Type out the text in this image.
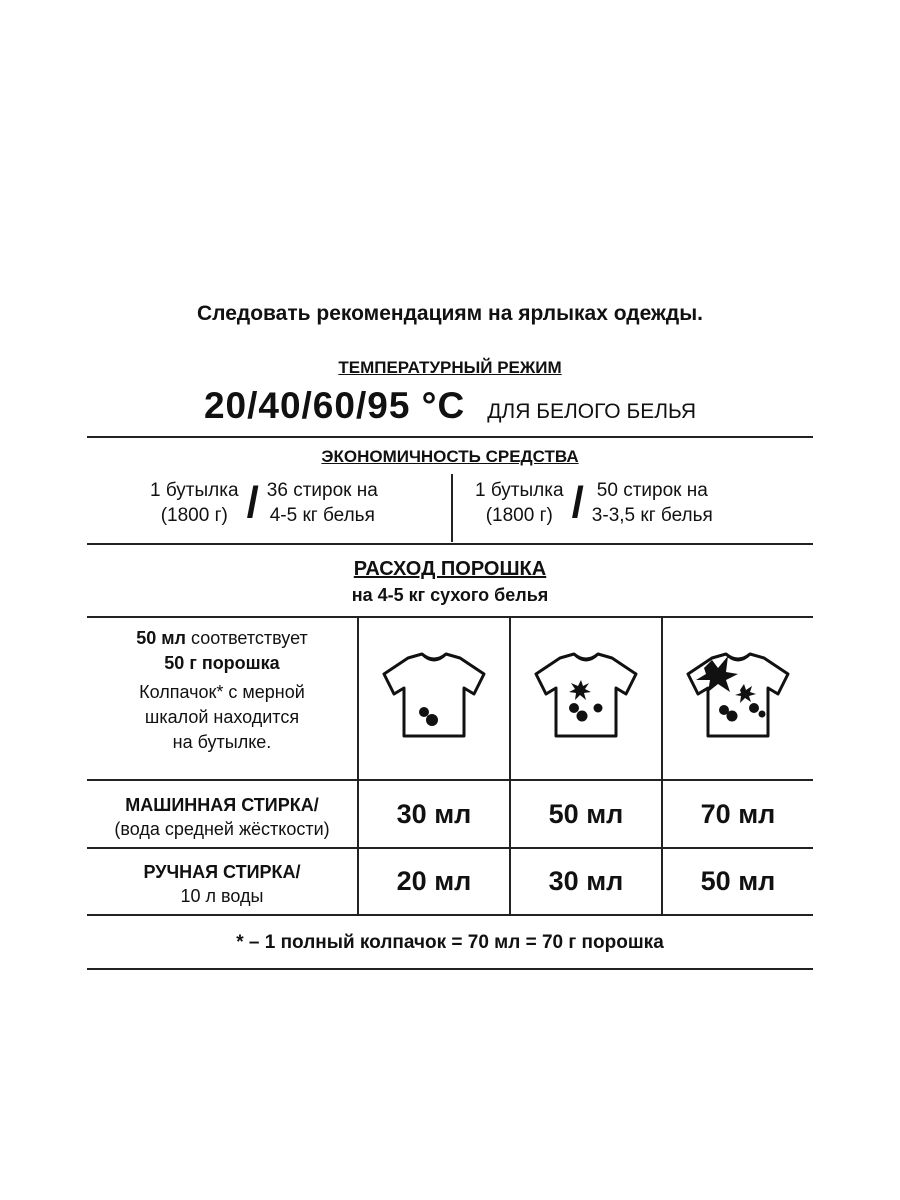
Следовать рекомендациям на ярлыках одежды.
ТЕМПЕРАТУРНЫЙ РЕЖИМ
20/40/60/95 °C ДЛЯ БЕЛОГО БЕЛЬЯ
ЭКОНОМИЧНОСТЬ СРЕДСТВА
1 бутылка
(1800 г) / 36 стирок на
4-5 кг белья
1 бутылка
(1800 г) / 50 стирок на
3-3,5 кг белья
РАСХОД ПОРОШКА
на 4-5 кг сухого белья
50 мл соответствует
50 г порошка
Колпачок* с мерной
шкалой находится
на бутылке.
МАШИННАЯ СТИРКА/
(вода средней жёсткости)	30 мл	50 мл	70 мл
РУЧНАЯ СТИРКА/
10 л воды	20 мл	30 мл	50 мл
* – 1 полный колпачок = 70 мл = 70 г порошка
